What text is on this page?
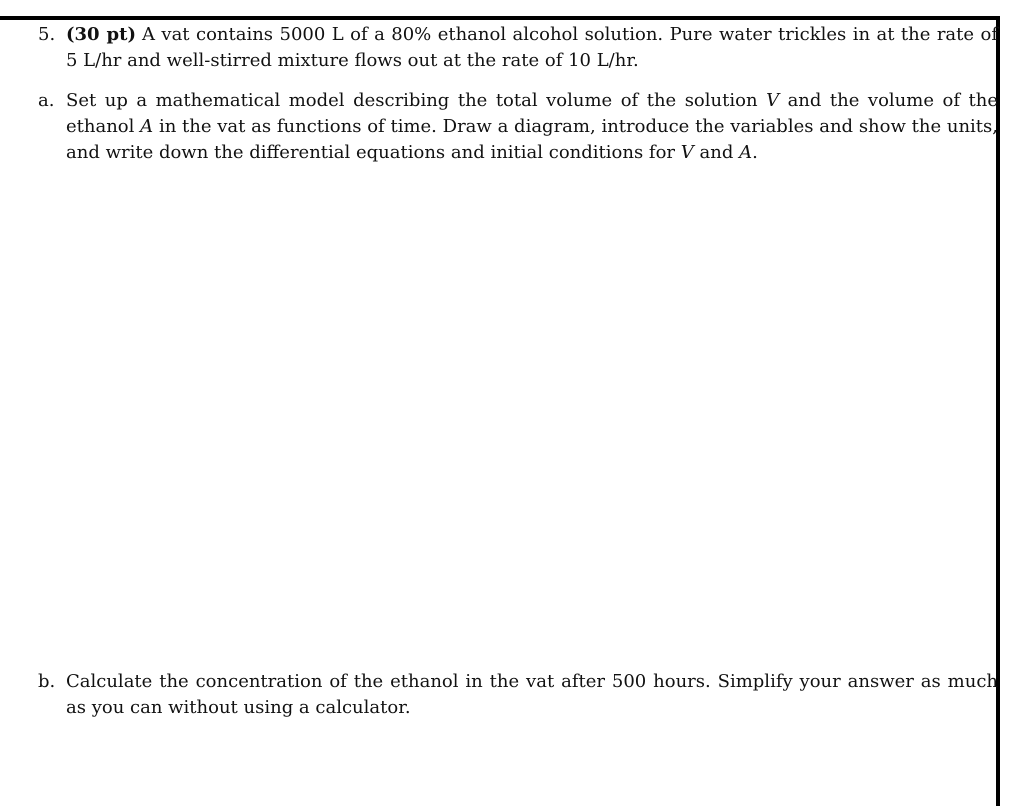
5. (30 pt) A vat contains 5000 L of a 80% ethanol alcohol solution. Pure water trickles in at the rate of 5 L/hr and well-stirred mixture flows out at the rate of 10 L/hr.
a. Set up a mathematical model describing the total volume of the solution V and the volume of the ethanol A in the vat as functions of time. Draw a diagram, introduce the variables and show the units, and write down the differential equations and initial conditions for V and A.
b. Calculate the concentration of the ethanol in the vat after 500 hours. Simplify your answer as much as you can without using a calculator.
